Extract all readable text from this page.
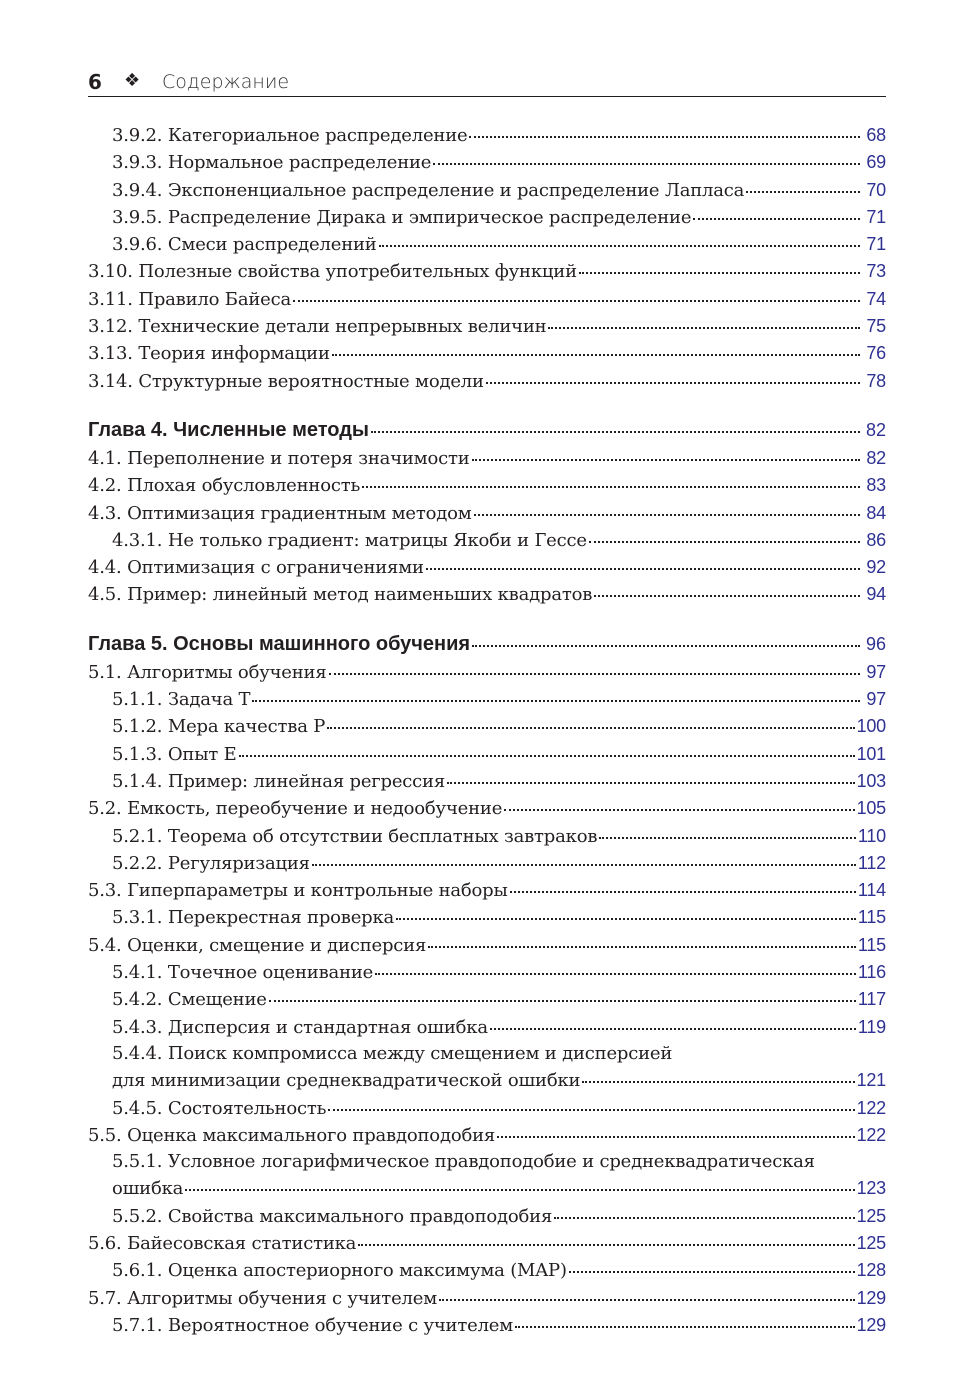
6 ❖ Содержание
3.9.2. Категориальное распределение	68
3.9.3. Нормальное распределение	69
3.9.4. Экспоненциальное распределение и распределение Лапласа	70
3.9.5. Распределение Дирака и эмпирическое распределение	71
3.9.6. Смеси распределений	71
3.10. Полезные свойства употребительных функций	73
3.11. Правило Байеса	74
3.12. Технические детали непрерывных величин	75
3.13. Теория информации	76
3.14. Структурные вероятностные модели	78
Глава 4. Численные методы	82
4.1. Переполнение и потеря значимости	82
4.2. Плохая обусловленность	83
4.3. Оптимизация градиентным методом	84
4.3.1. Не только градиент: матрицы Якоби и Гессе	86
4.4. Оптимизация с ограничениями	92
4.5. Пример: линейный метод наименьших квадратов	94
Глава 5. Основы машинного обучения	96
5.1. Алгоритмы обучения	97
5.1.1. Задача T	97
5.1.2. Мера качества P	100
5.1.3. Опыт E	101
5.1.4. Пример: линейная регрессия	103
5.2. Емкость, переобучение и недообучение	105
5.2.1. Теорема об отсутствии бесплатных завтраков	110
5.2.2. Регуляризация	112
5.3. Гиперпараметры и контрольные наборы	114
5.3.1. Перекрестная проверка	115
5.4. Оценки, смещение и дисперсия	115
5.4.1. Точечное оценивание	116
5.4.2. Смещение	117
5.4.3. Дисперсия и стандартная ошибка	119
5.4.4. Поиск компромисса между смещением и дисперсией
для минимизации среднеквадратической ошибки	121
5.4.5. Состоятельность	122
5.5. Оценка максимального правдоподобия	122
5.5.1. Условное логарифмическое правдоподобие и среднеквадратическая
ошибка	123
5.5.2. Свойства максимального правдоподобия	125
5.6. Байесовская статистика	125
5.6.1. Оценка апостериорного максимума (MAP)	128
5.7. Алгоритмы обучения с учителем	129
5.7.1. Вероятностное обучение с учителем	129
